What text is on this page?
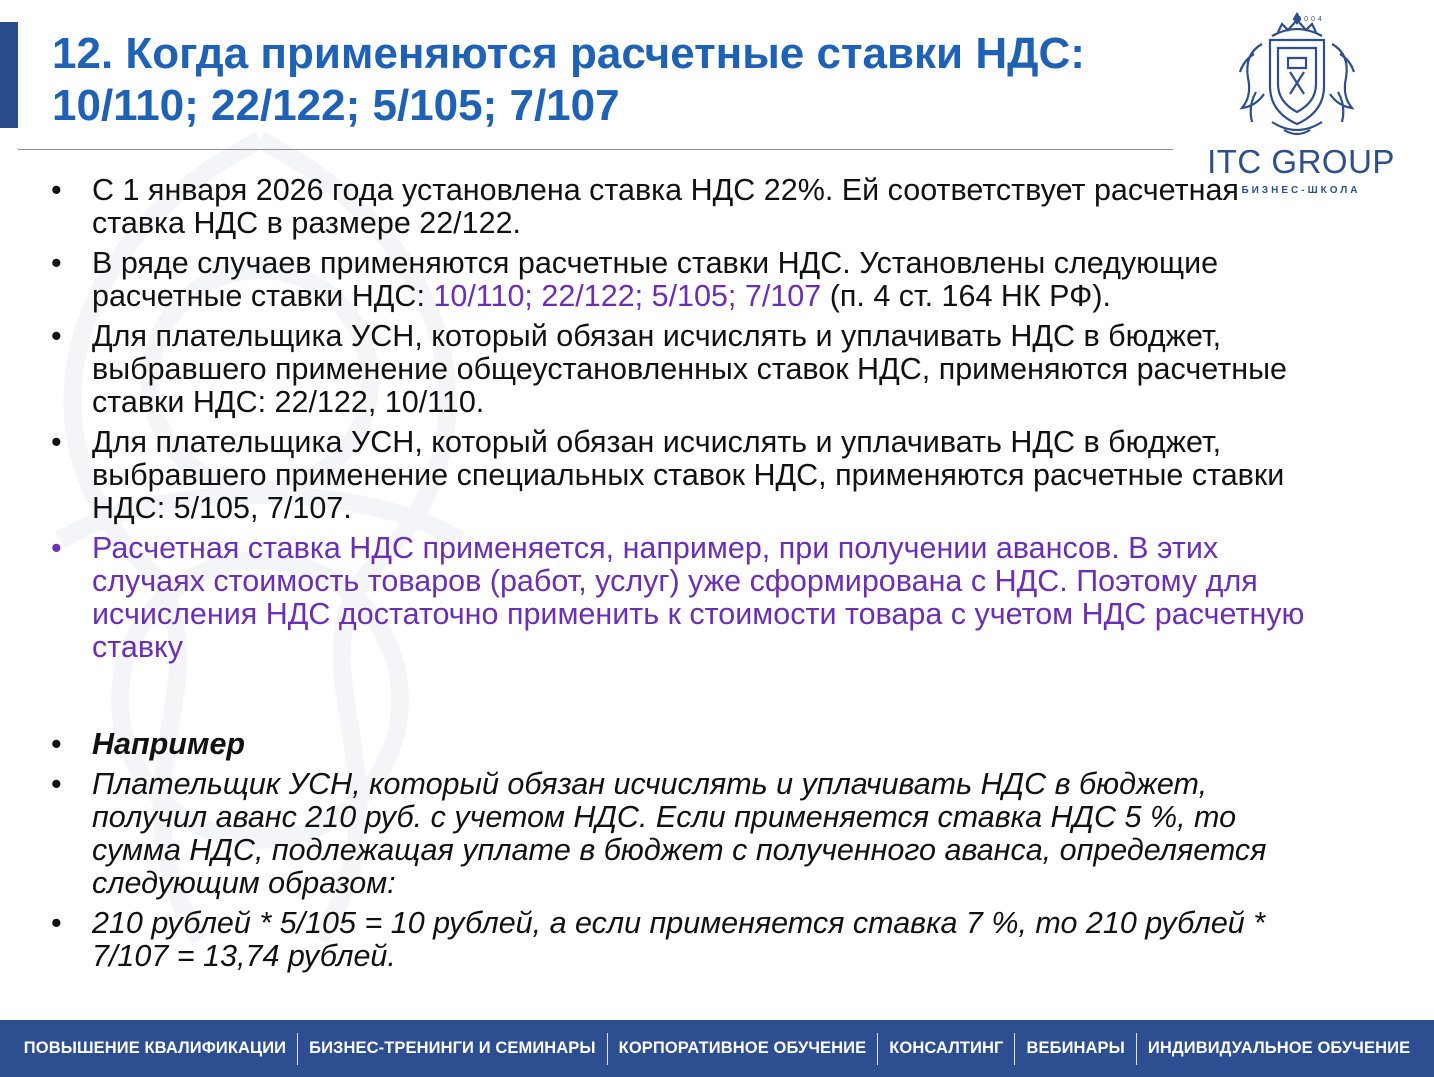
12. Когда применяются расчетные ставки НДС: 10/110; 22/122; 5/105; 7/107
2004
ITC GROUP
БИЗНЕС-ШКОЛА
• С 1 января 2026 года установлена ставка НДС 22%. Ей соответствует расчетная ставка НДС в размере 22/122.
• В ряде случаев применяются расчетные ставки НДС. Установлены следующие расчетные ставки НДС: 10/110; 22/122; 5/105; 7/107 (п. 4 ст. 164 НК РФ).
• Для плательщика УСН, который обязан исчислять и уплачивать НДС в бюджет, выбравшего применение общеустановленных ставок НДС, применяются расчетные ставки НДС: 22/122, 10/110.
• Для плательщика УСН, который обязан исчислять и уплачивать НДС в бюджет, выбравшего применение специальных ставок НДС, применяются расчетные ставки НДС: 5/105, 7/107.
• Расчетная ставка НДС применяется, например, при получении авансов. В этих случаях стоимость товаров (работ, услуг) уже сформирована с НДС. Поэтому для исчисления НДС достаточно применить к стоимости товара с учетом НДС расчетную ставку
• Например
• Плательщик УСН, который обязан исчислять и уплачивать НДС в бюджет, получил аванс 210 руб. с учетом НДС. Если применяется ставка НДС 5 %, то сумма НДС, подлежащая уплате в бюджет с полученного аванса, определяется следующим образом:
• 210 рублей * 5/105 = 10 рублей, а если применяется ставка 7 %, то 210 рублей * 7/107 = 13,74 рублей.
ПОВЫШЕНИЕ КВАЛИФИКАЦИИ	БИЗНЕС-ТРЕНИНГИ И СЕМИНАРЫ	КОРПОРАТИВНОЕ ОБУЧЕНИЕ	КОНСАЛТИНГ	ВЕБИНАРЫ	ИНДИВИДУАЛЬНОЕ ОБУЧЕНИЕ
